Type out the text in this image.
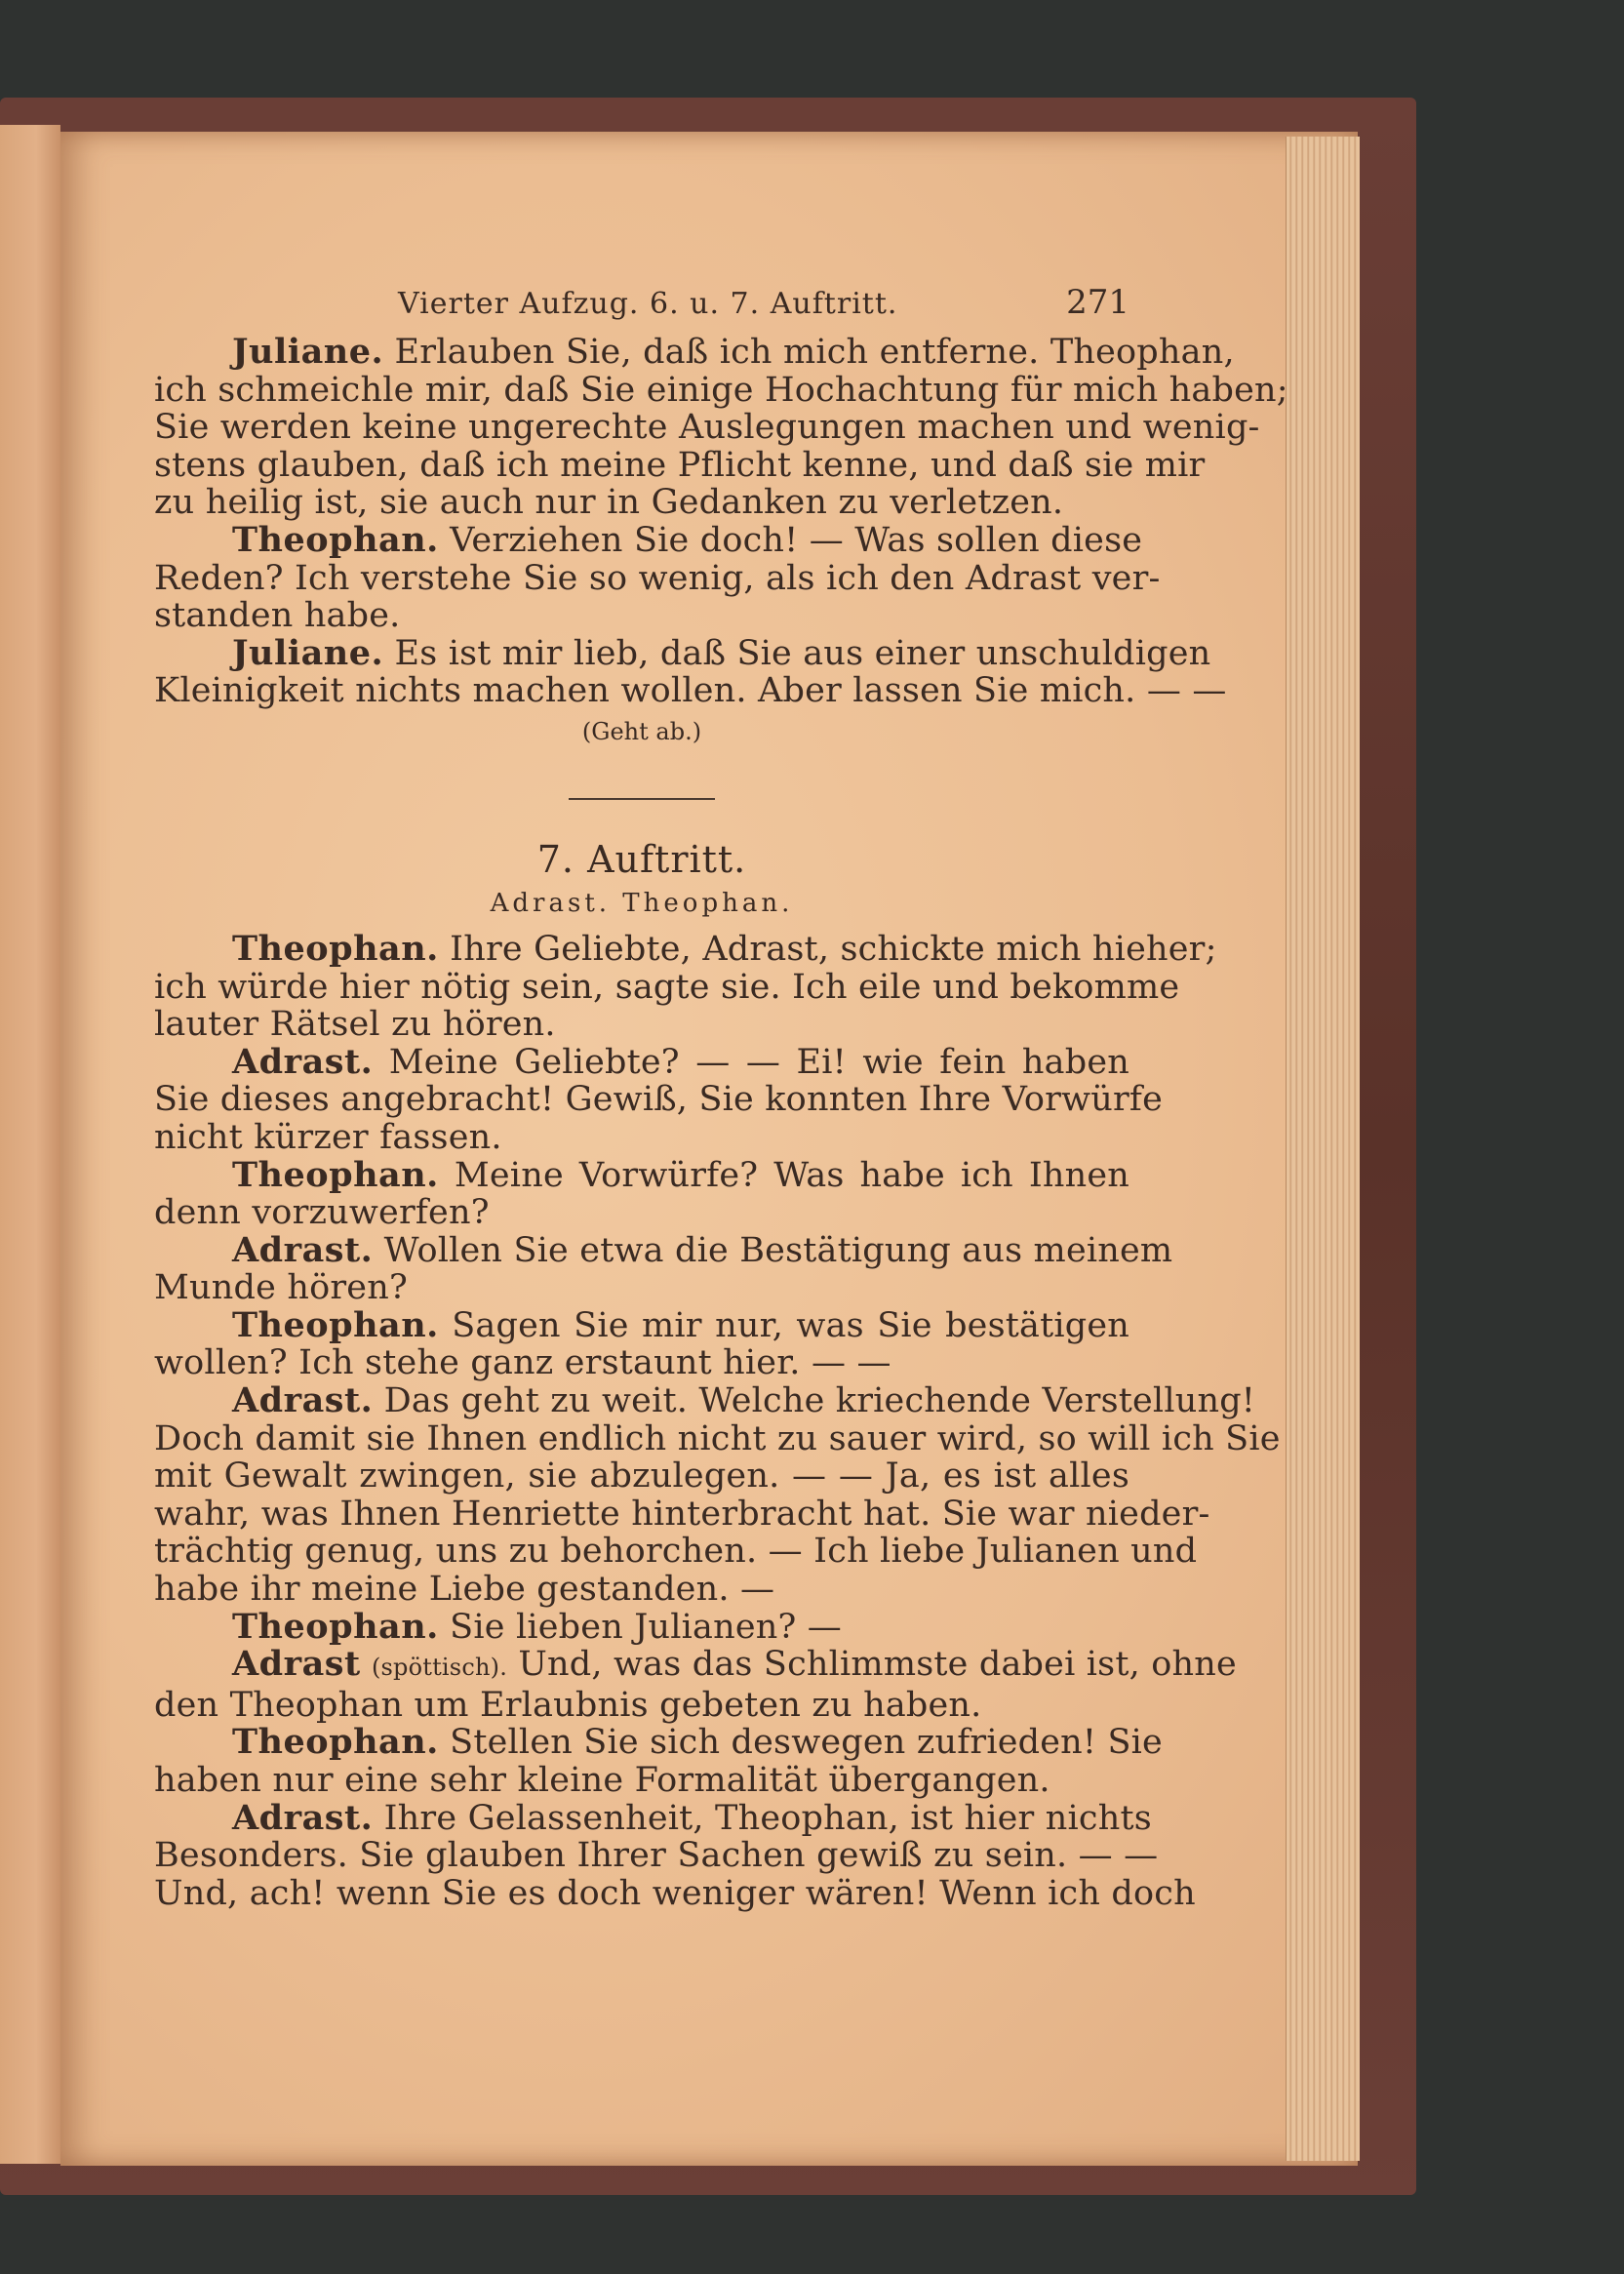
Vierter Aufzug. 6. u. 7. Auftritt.	271

Juliane. Erlauben Sie, daß ich mich entferne. Theophan,
ich schmeichle mir, daß Sie einige Hochachtung für mich haben;
Sie werden keine ungerechte Auslegungen machen und wenig-
stens glauben, daß ich meine Pflicht kenne, und daß sie mir
zu heilig ist, sie auch nur in Gedanken zu verletzen.

Theophan. Verziehen Sie doch! — Was sollen diese
Reden? Ich verstehe Sie so wenig, als ich den Adrast ver-
standen habe.

Juliane. Es ist mir lieb, daß Sie aus einer unschuldigen
Kleinigkeit nichts machen wollen. Aber lassen Sie mich. — —

(Geht ab.)

7. Auftritt.

Adrast. Theophan.

Theophan. Ihre Geliebte, Adrast, schickte mich hieher;
ich würde hier nötig sein, sagte sie. Ich eile und bekomme
lauter Rätsel zu hören.

Adrast. Meine Geliebte? — — Ei! wie fein haben
Sie dieses angebracht! Gewiß, Sie konnten Ihre Vorwürfe
nicht kürzer fassen.

Theophan. Meine Vorwürfe? Was habe ich Ihnen
denn vorzuwerfen?

Adrast. Wollen Sie etwa die Bestätigung aus meinem
Munde hören?

Theophan. Sagen Sie mir nur, was Sie bestätigen
wollen? Ich stehe ganz erstaunt hier. — —

Adrast. Das geht zu weit. Welche kriechende Verstellung!
Doch damit sie Ihnen endlich nicht zu sauer wird, so will ich Sie
mit Gewalt zwingen, sie abzulegen. — — Ja, es ist alles
wahr, was Ihnen Henriette hinterbracht hat. Sie war nieder-
trächtig genug, uns zu behorchen. — Ich liebe Julianen und
habe ihr meine Liebe gestanden. —

Theophan. Sie lieben Julianen? —

Adrast (spöttisch). Und, was das Schlimmste dabei ist, ohne
den Theophan um Erlaubnis gebeten zu haben.

Theophan. Stellen Sie sich deswegen zufrieden! Sie
haben nur eine sehr kleine Formalität übergangen.

Adrast. Ihre Gelassenheit, Theophan, ist hier nichts
Besonders. Sie glauben Ihrer Sachen gewiß zu sein. — —
Und, ach! wenn Sie es doch weniger wären! Wenn ich doch
